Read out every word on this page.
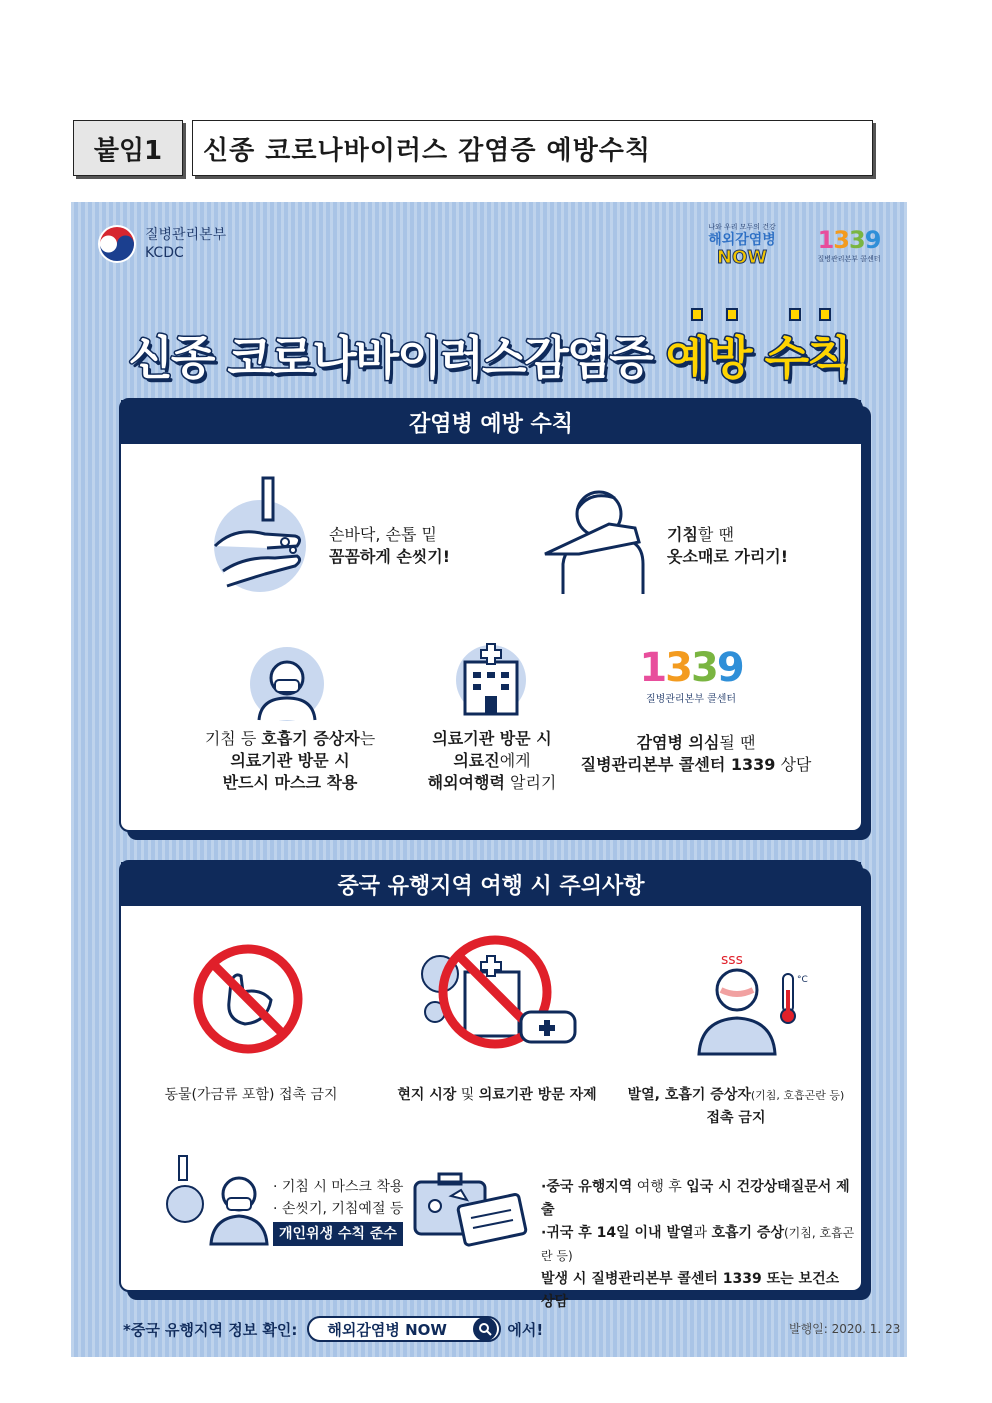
붙임1	신종 코로나바이러스 감염증 예방수칙
질병관리본부
KCDC
나와 우리 모두의 건강
해외감염병
NOW
1339
질병관리본부 콜센터
신종 코로나바이러스감염증 예방 수칙
감염병 예방 수칙
손바닥, 손톱 밑
꼼꼼하게 손씻기!
기침할 땐
옷소매로 가리기!
기침 등 호흡기 증상자는
의료기관 방문 시
반드시 마스크 착용
의료기관 방문 시
의료진에게
해외여행력 알리기
1339
질병관리본부 콜센터
감염병 의심될 땐
질병관리본부 콜센터 1339 상담
중국 유행지역 여행 시 주의사항
동물(가금류 포함) 접촉 금지	현지 시장 및 의료기관 방문 자제
ꜱꜱꜱ
°C
발열, 호흡기 증상자(기침, 호흡곤란 등)
접촉 금지
· 기침 시 마스크 착용
· 손씻기, 기침예절 등
개인위생 수칙 준수
·중국 유행지역 여행 후 입국 시 건강상태질문서 제출
·귀국 후 14일 이내 발열과 호흡기 증상(기침, 호흡곤란 등)
발생 시 질병관리본부 콜센터 1339 또는 보건소 상담
*중국 유행지역 정보 확인: 해외감염병 NOW	에서!	발행일: 2020. 1. 23
